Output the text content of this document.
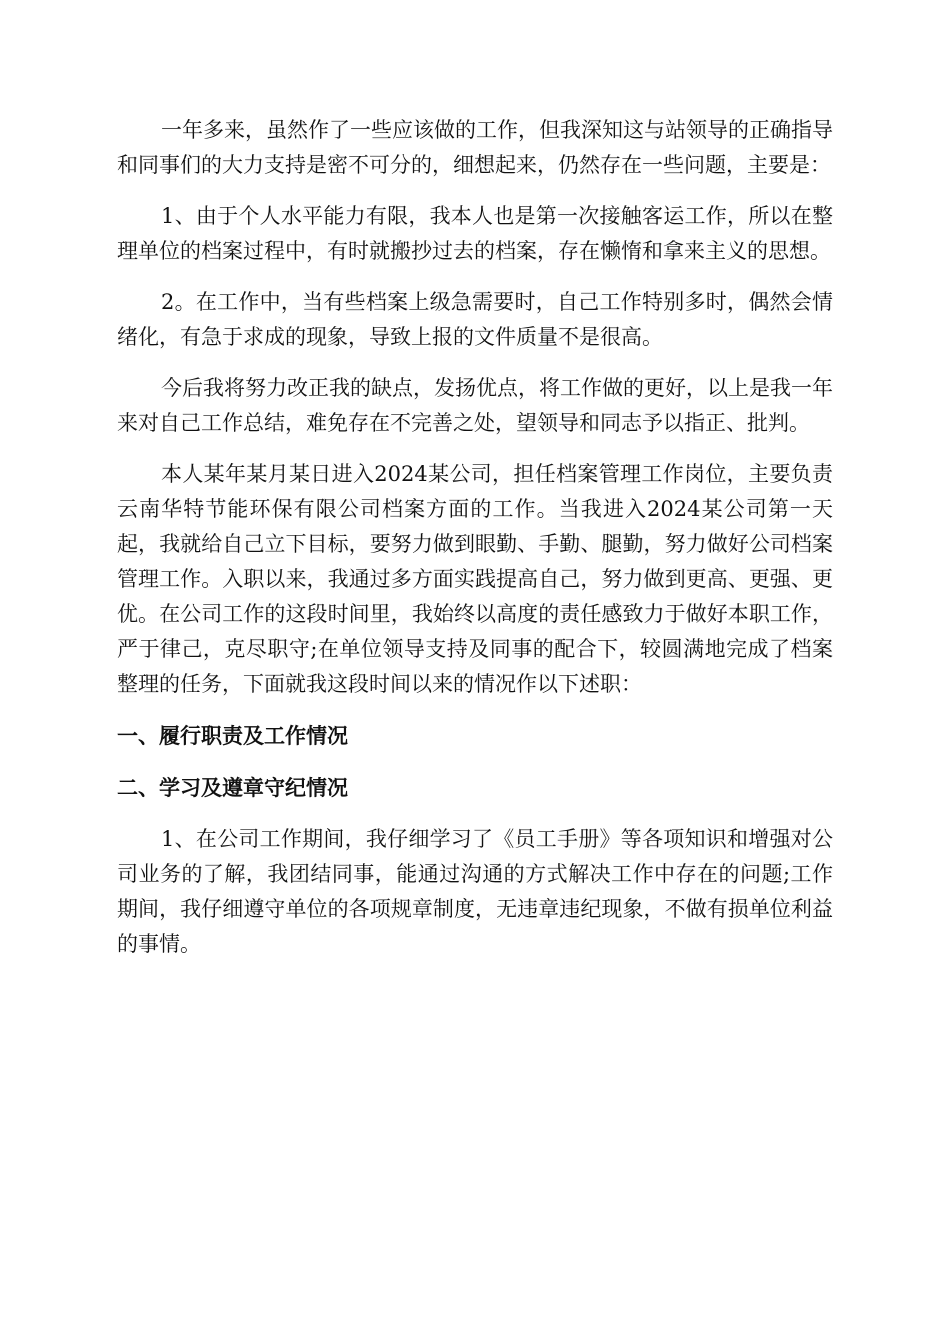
一年多来，虽然作了一些应该做的工作，但我深知这与站领导的正确指导和同事们的大力支持是密不可分的，细想起来，仍然存在一些问题，主要是：

1、由于个人水平能力有限，我本人也是第一次接触客运工作，所以在整理单位的档案过程中，有时就搬抄过去的档案，存在懒惰和拿来主义的思想。

2。在工作中，当有些档案上级急需要时，自己工作特别多时，偶然会情绪化，有急于求成的现象，导致上报的文件质量不是很高。

今后我将努力改正我的缺点，发扬优点，将工作做的更好，以上是我一年来对自己工作总结，难免存在不完善之处，望领导和同志予以指正、批判。

本人某年某月某日进入2024某公司，担任档案管理工作岗位，主要负责云南华特节能环保有限公司档案方面的工作。当我进入2024某公司第一天起，我就给自己立下目标，要努力做到眼勤、手勤、腿勤，努力做好公司档案管理工作。入职以来，我通过多方面实践提高自己，努力做到更高、更强、更优。在公司工作的这段时间里，我始终以高度的责任感致力于做好本职工作，严于律己，克尽职守;在单位领导支持及同事的配合下，较圆满地完成了档案整理的任务，下面就我这段时间以来的情况作以下述职：

一、履行职责及工作情况
二、学习及遵章守纪情况

1、在公司工作期间，我仔细学习了《员工手册》等各项知识和增强对公司业务的了解，我团结同事，能通过沟通的方式解决工作中存在的问题;工作期间，我仔细遵守单位的各项规章制度，无违章违纪现象，不做有损单位利益的事情。
